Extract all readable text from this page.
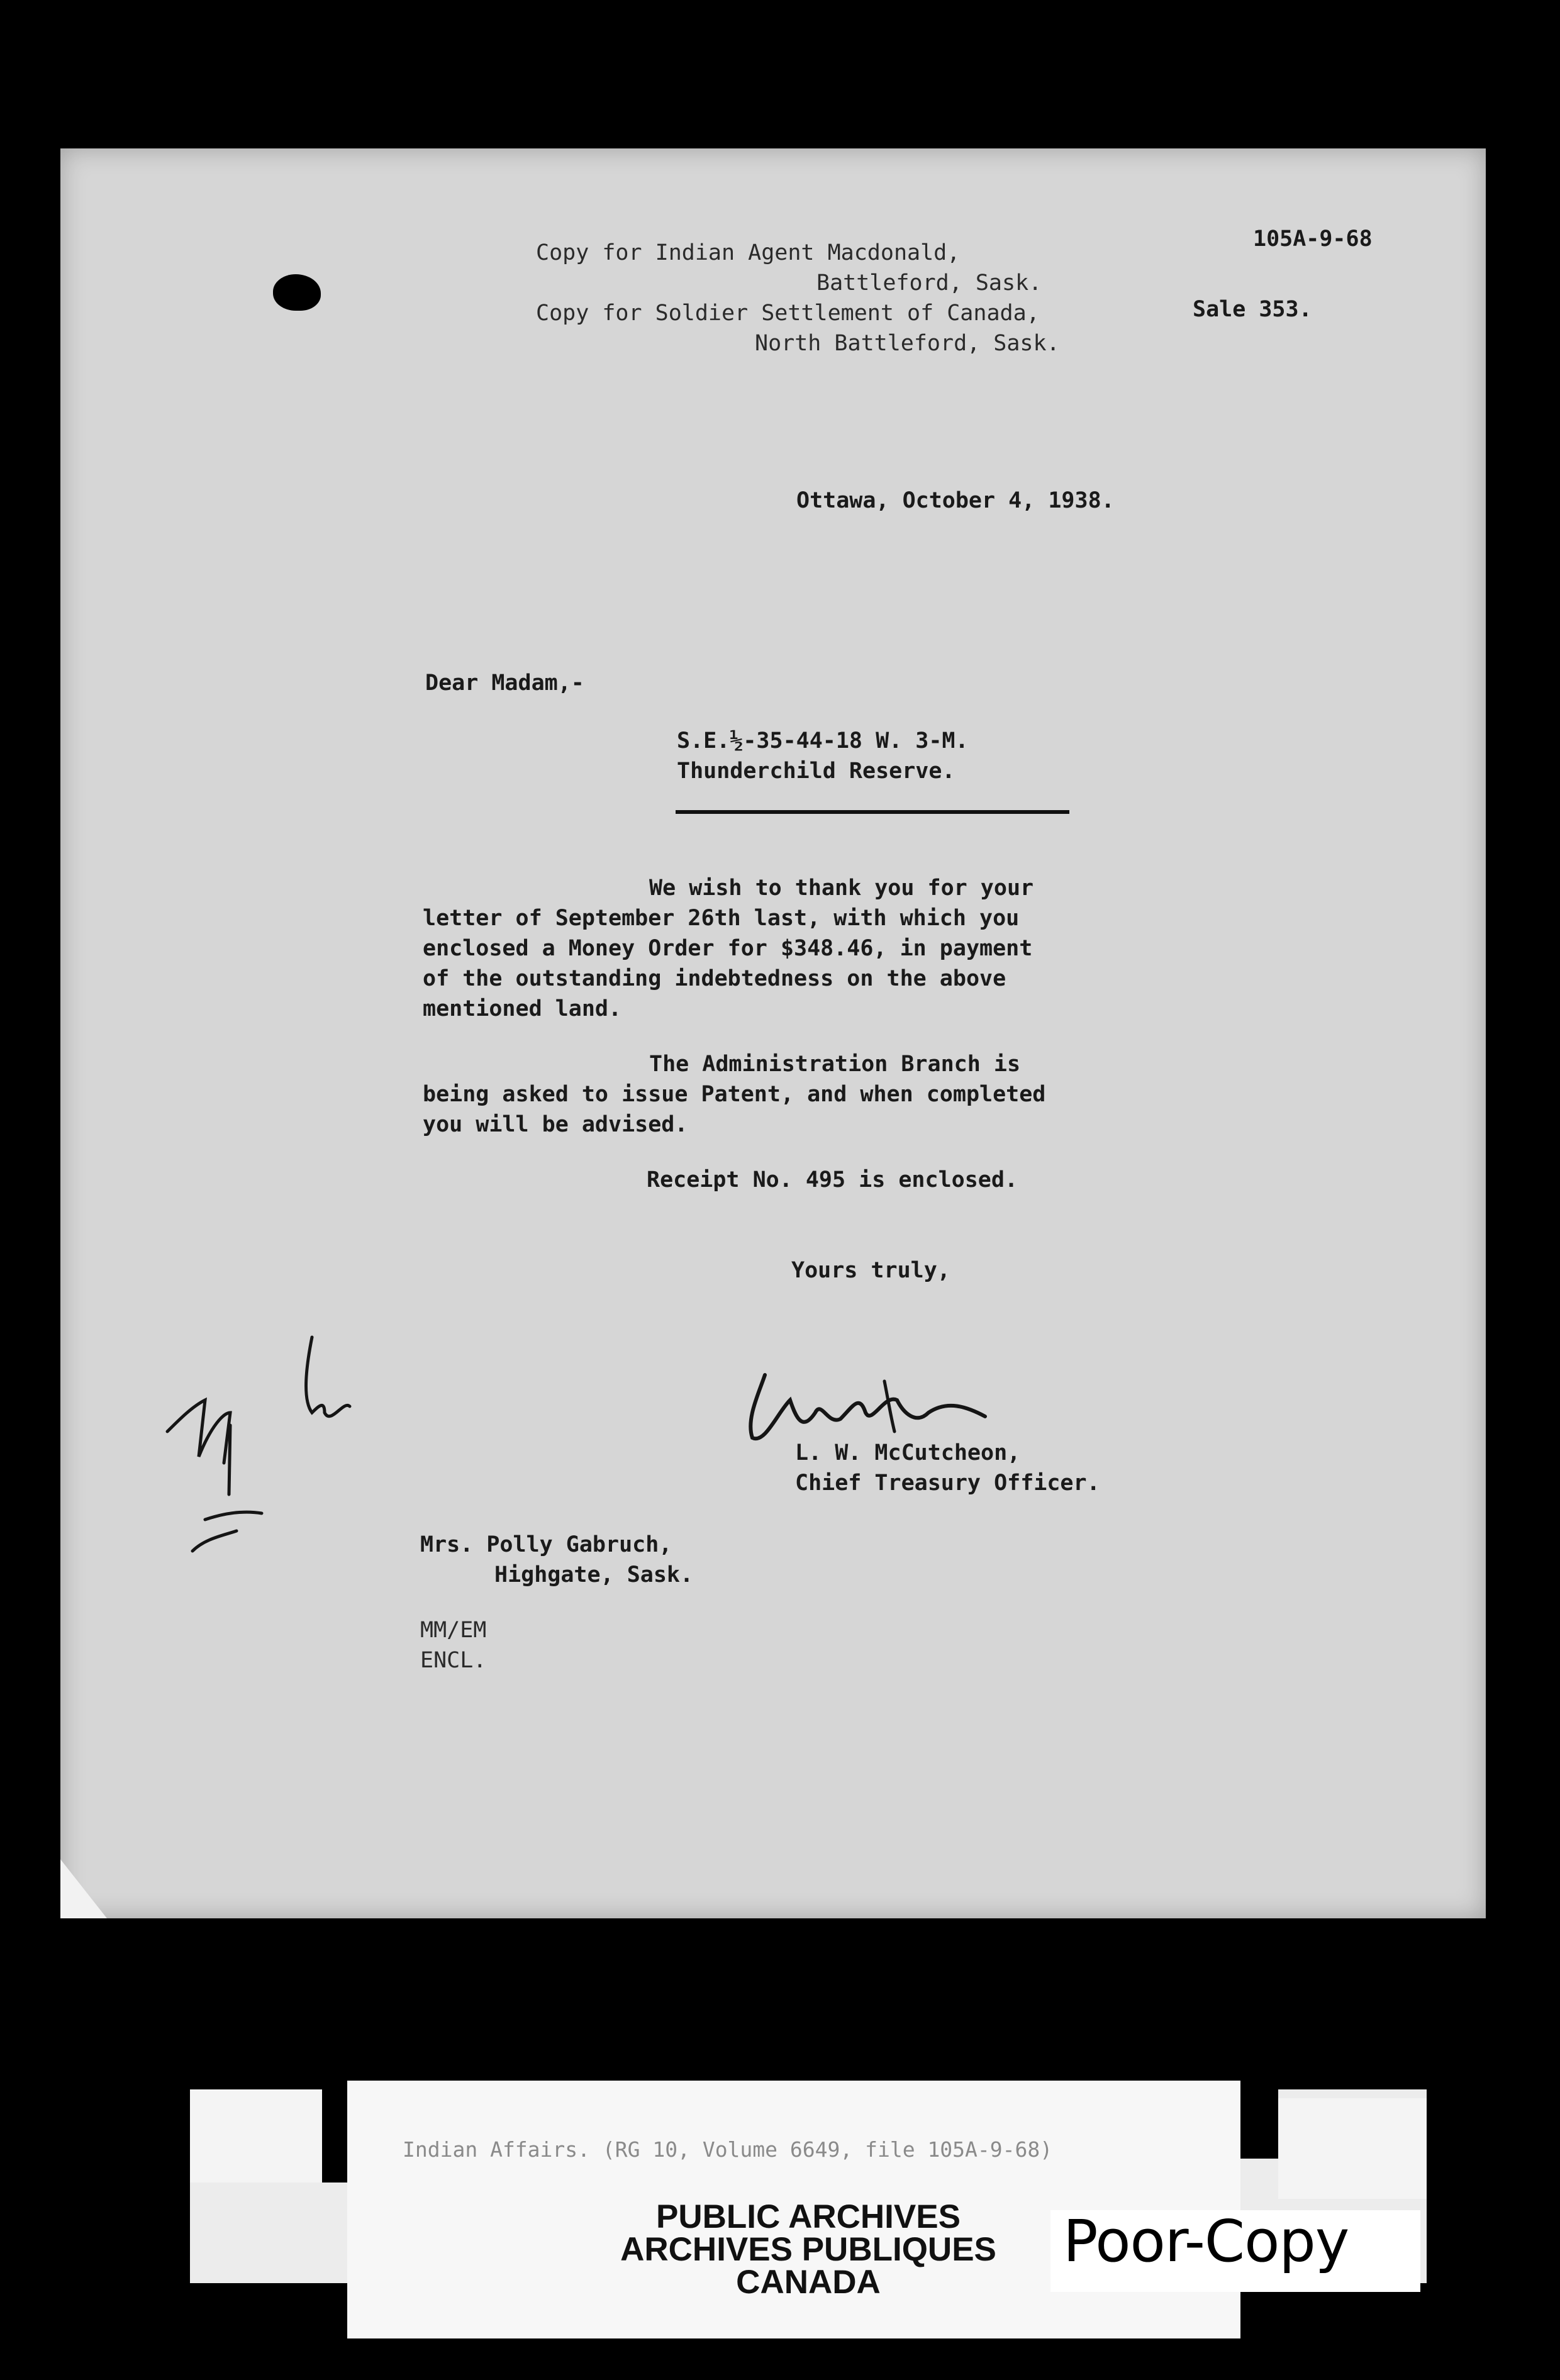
Copy for Indian Agent Macdonald,
Battleford, Sask.
Copy for Soldier Settlement of Canada,
North Battleford, Sask.
105A-9-68
Sale 353.
Ottawa, October 4, 1938.
Dear Madam,-
S.E.½-35-44-18 W. 3-M.
Thunderchild Reserve.
We wish to thank you for your
letter of September 26th last, with which you
enclosed a Money Order for $348.46, in payment
of the outstanding indebtedness on the above
mentioned land.
The Administration Branch is
being asked to issue Patent, and when completed
you will be advised.
Receipt No. 495 is enclosed.
Yours truly,
L. W. McCutcheon,
Chief Treasury Officer.
Mrs. Polly Gabruch,
Highgate, Sask.
MM/EM
ENCL.
Indian Affairs. (RG 10, Volume 6649, file 105A-9-68)
PUBLIC ARCHIVES
ARCHIVES PUBLIQUES
CANADA
Poor-Copy
